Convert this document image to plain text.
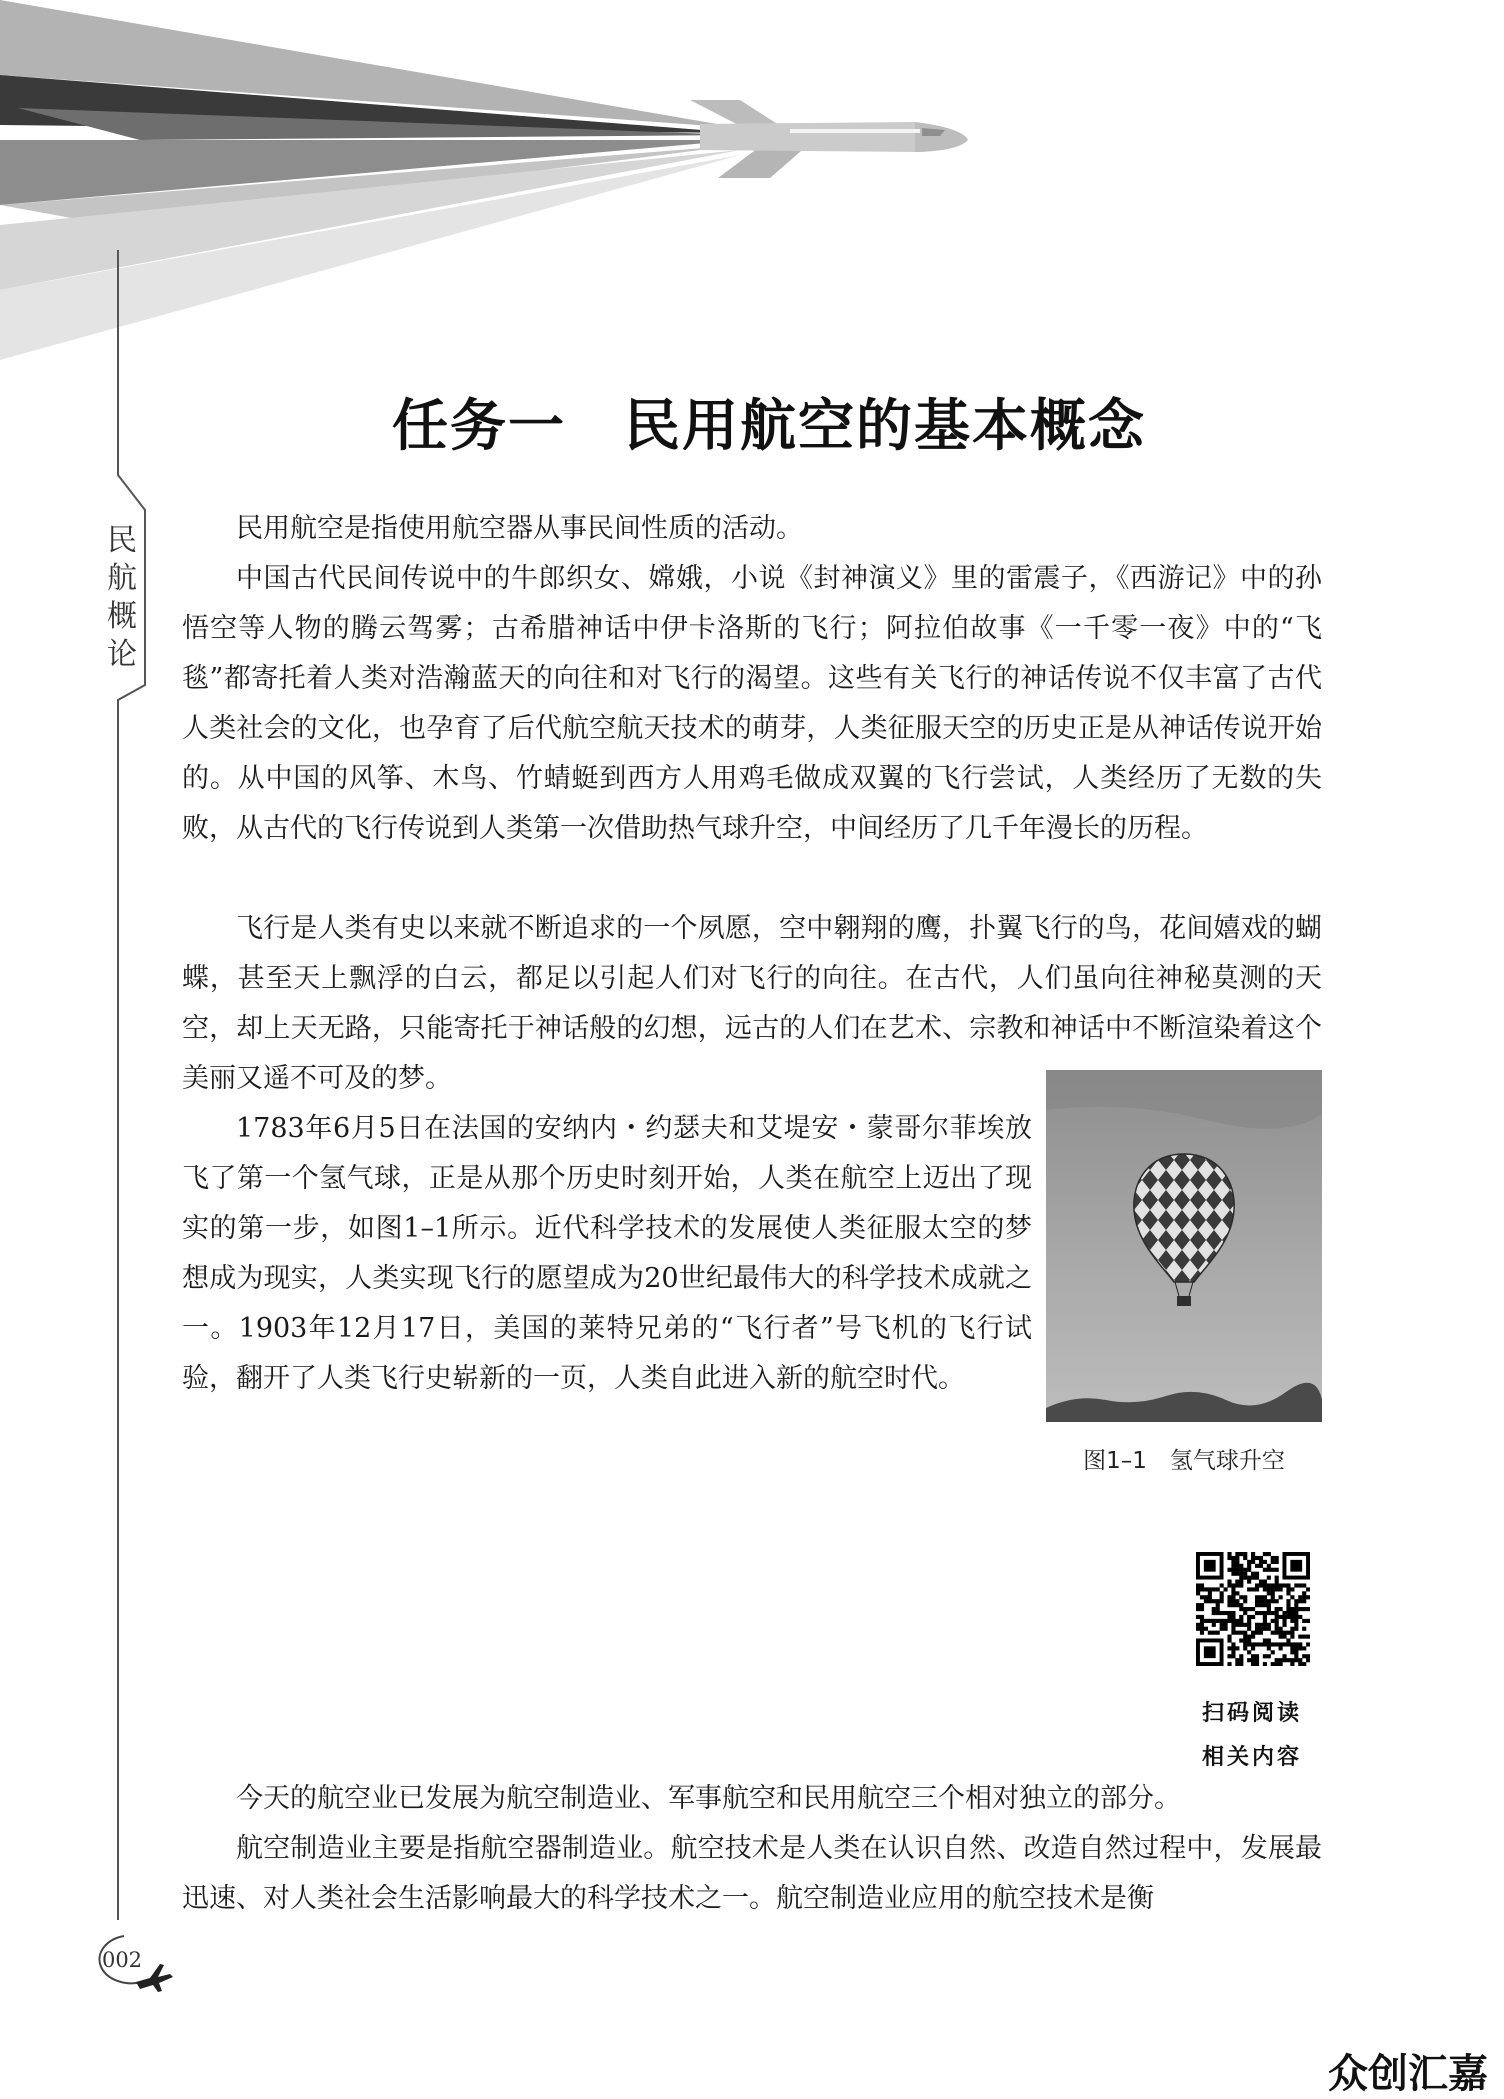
民航概论
任务一　民用航空的基本概念

民用航空是指使用航空器从事民间性质的活动。

中国古代民间传说中的牛郎织女、嫦娥，小说《封神演义》里的雷震子，《西游记》中的孙悟空等人物的腾云驾雾；古希腊神话中伊卡洛斯的飞行；阿拉伯故事《一千零一夜》中的“飞毯”都寄托着人类对浩瀚蓝天的向往和对飞行的渴望。这些有关飞行的神话传说不仅丰富了古代人类社会的文化，也孕育了后代航空航天技术的萌芽，人类征服天空的历史正是从神话传说开始的。从中国的风筝、木鸟、竹蜻蜓到西方人用鸡毛做成双翼的飞行尝试，人类经历了无数的失败，从古代的飞行传说到人类第一次借助热气球升空，中间经历了几千年漫长的历程。

飞行是人类有史以来就不断追求的一个夙愿，空中翱翔的鹰，扑翼飞行的鸟，花间嬉戏的蝴蝶，甚至天上飘浮的白云，都足以引起人们对飞行的向往。在古代，人们虽向往神秘莫测的天空，却上天无路，只能寄托于神话般的幻想，远古的人们在艺术、宗教和神话中不断渲染着这个美丽又遥不可及的梦。

1783年6月5日在法国的安纳内・约瑟夫和艾堤安・蒙哥尔菲埃放飞了第一个氢气球，正是从那个历史时刻开始，人类在航空上迈出了现实的第一步，如图1–1所示。近代科学技术的发展使人类征服太空的梦想成为现实，人类实现飞行的愿望成为20世纪最伟大的科学技术成就之一。1903年12月17日，美国的莱特兄弟的“飞行者”号飞机的飞行试验，翻开了人类飞行史崭新的一页，人类自此进入新的航空时代。

图1–1　氢气球升空

扫码阅读

相关内容

今天的航空业已发展为航空制造业、军事航空和民用航空三个相对独立的部分。

航空制造业主要是指航空器制造业。航空技术是人类在认识自然、改造自然过程中，发展最迅速、对人类社会生活影响最大的科学技术之一。航空制造业应用的航空技术是衡

002
众创汇嘉
